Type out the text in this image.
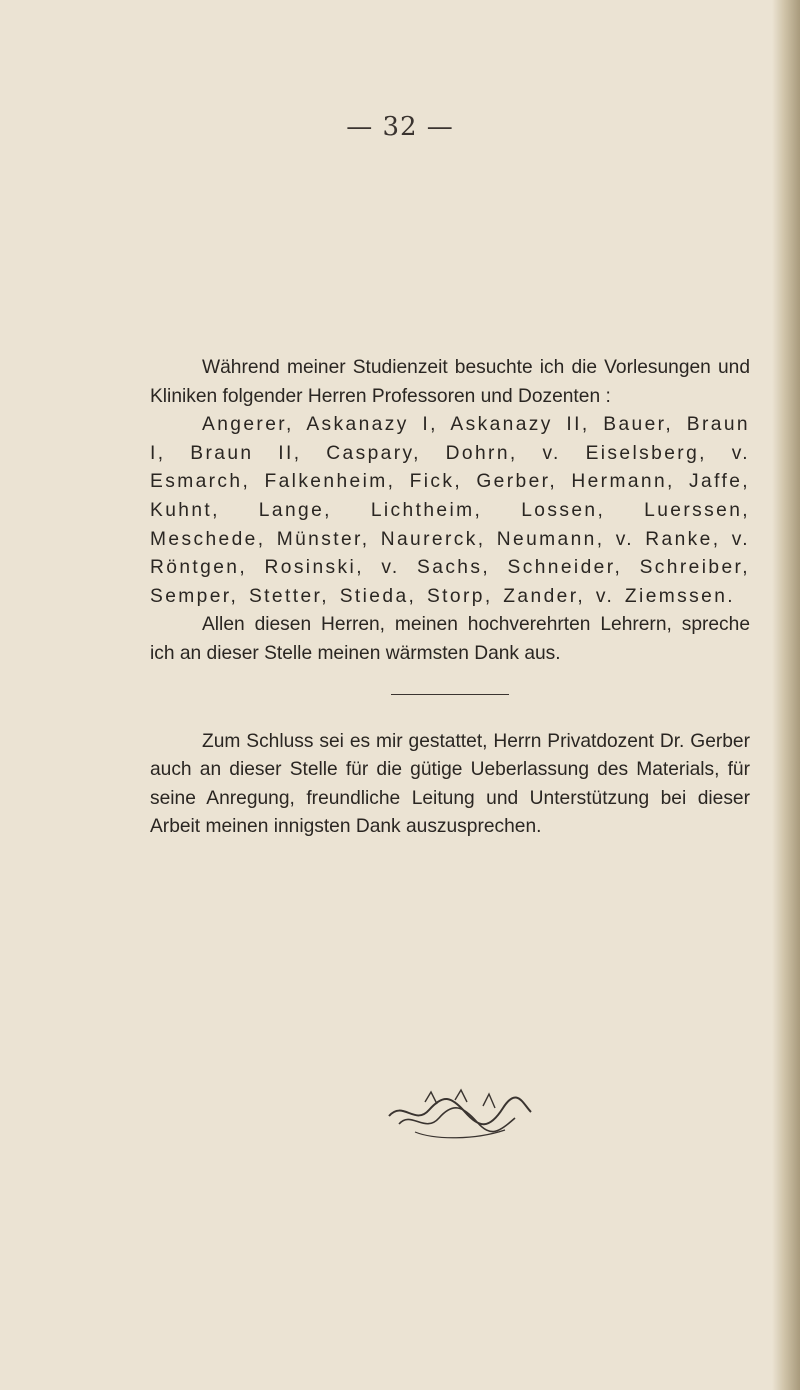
— 32 —

Während meiner Studienzeit besuchte ich die Vorlesungen und Kliniken folgender Herren Professoren und Dozenten :

Angerer, Askanazy I, Askanazy II, Bauer, Braun I, Braun II, Caspary, Dohrn, v. Eiselsberg, v. Esmarch, Falkenheim, Fick, Gerber, Hermann, Jaffe, Kuhnt, Lange, Lichtheim, Lossen, Luerssen, Meschede, Münster, Naurerck, Neumann, v. Ranke, v. Röntgen, Rosinski, v. Sachs, Schneider, Schreiber, Semper, Stetter, Stieda, Storp, Zander, v. Ziemssen.

Allen diesen Herren, meinen hochverehrten Lehrern, spreche ich an dieser Stelle meinen wärmsten Dank aus.

Zum Schluss sei es mir gestattet, Herrn Privatdozent Dr. Gerber auch an dieser Stelle für die gütige Ueberlassung des Materials, für seine Anregung, freundliche Leitung und Unterstützung bei dieser Arbeit meinen innigsten Dank auszusprechen.
